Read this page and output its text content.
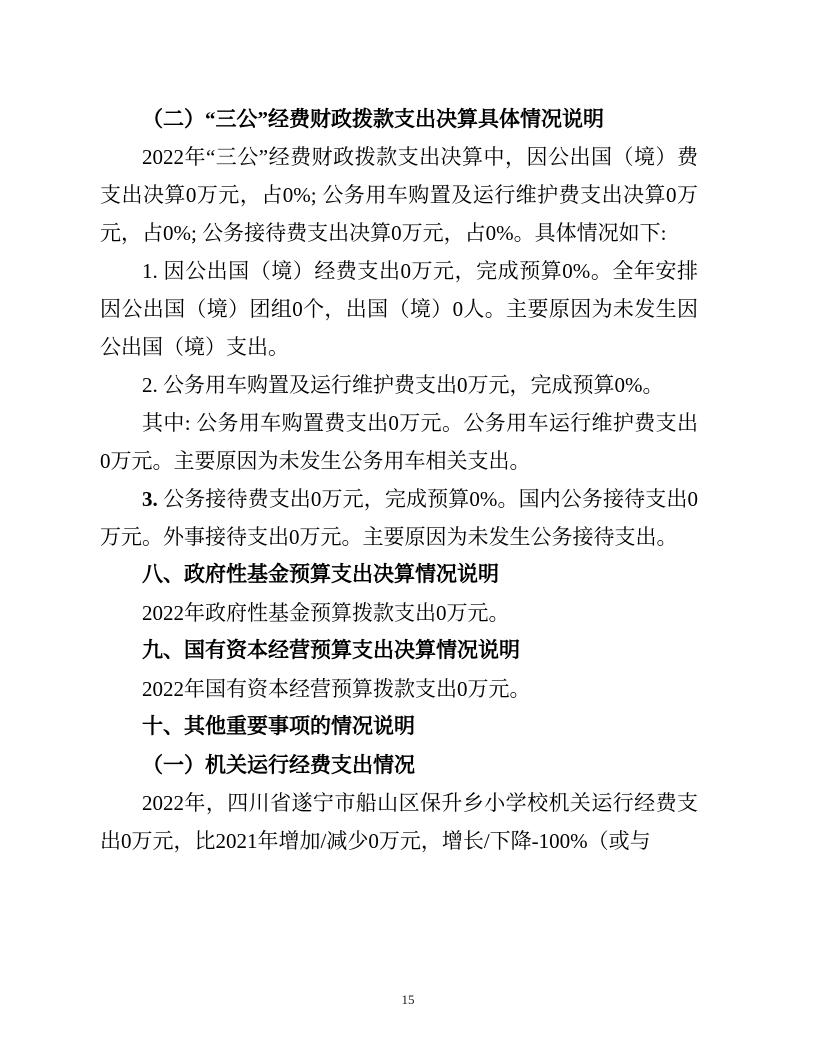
（二）“三公”经费财政拨款支出决算具体情况说明

2022年“三公”经费财政拨款支出决算中，因公出国（境）费支出决算0万元，占0%; 公务用车购置及运行维护费支出决算0万元，占0%; 公务接待费支出决算0万元，占0%。具体情况如下:

1. 因公出国（境）经费支出0万元，完成预算0%。全年安排因公出国（境）团组0个，出国（境）0人。主要原因为未发生因公出国（境）支出。

2. 公务用车购置及运行维护费支出0万元，完成预算0%。

其中: 公务用车购置费支出0万元。公务用车运行维护费支出0万元。主要原因为未发生公务用车相关支出。

3. 公务接待费支出0万元，完成预算0%。国内公务接待支出0万元。外事接待支出0万元。主要原因为未发生公务接待支出。

八、政府性基金预算支出决算情况说明

2022年政府性基金预算拨款支出0万元。

九、国有资本经营预算支出决算情况说明

2022年国有资本经营预算拨款支出0万元。

十、其他重要事项的情况说明

（一）机关运行经费支出情况

2022年，四川省遂宁市船山区保升乡小学校机关运行经费支出0万元，比2021年增加/减少0万元，增长/下降-100%（或与

15
